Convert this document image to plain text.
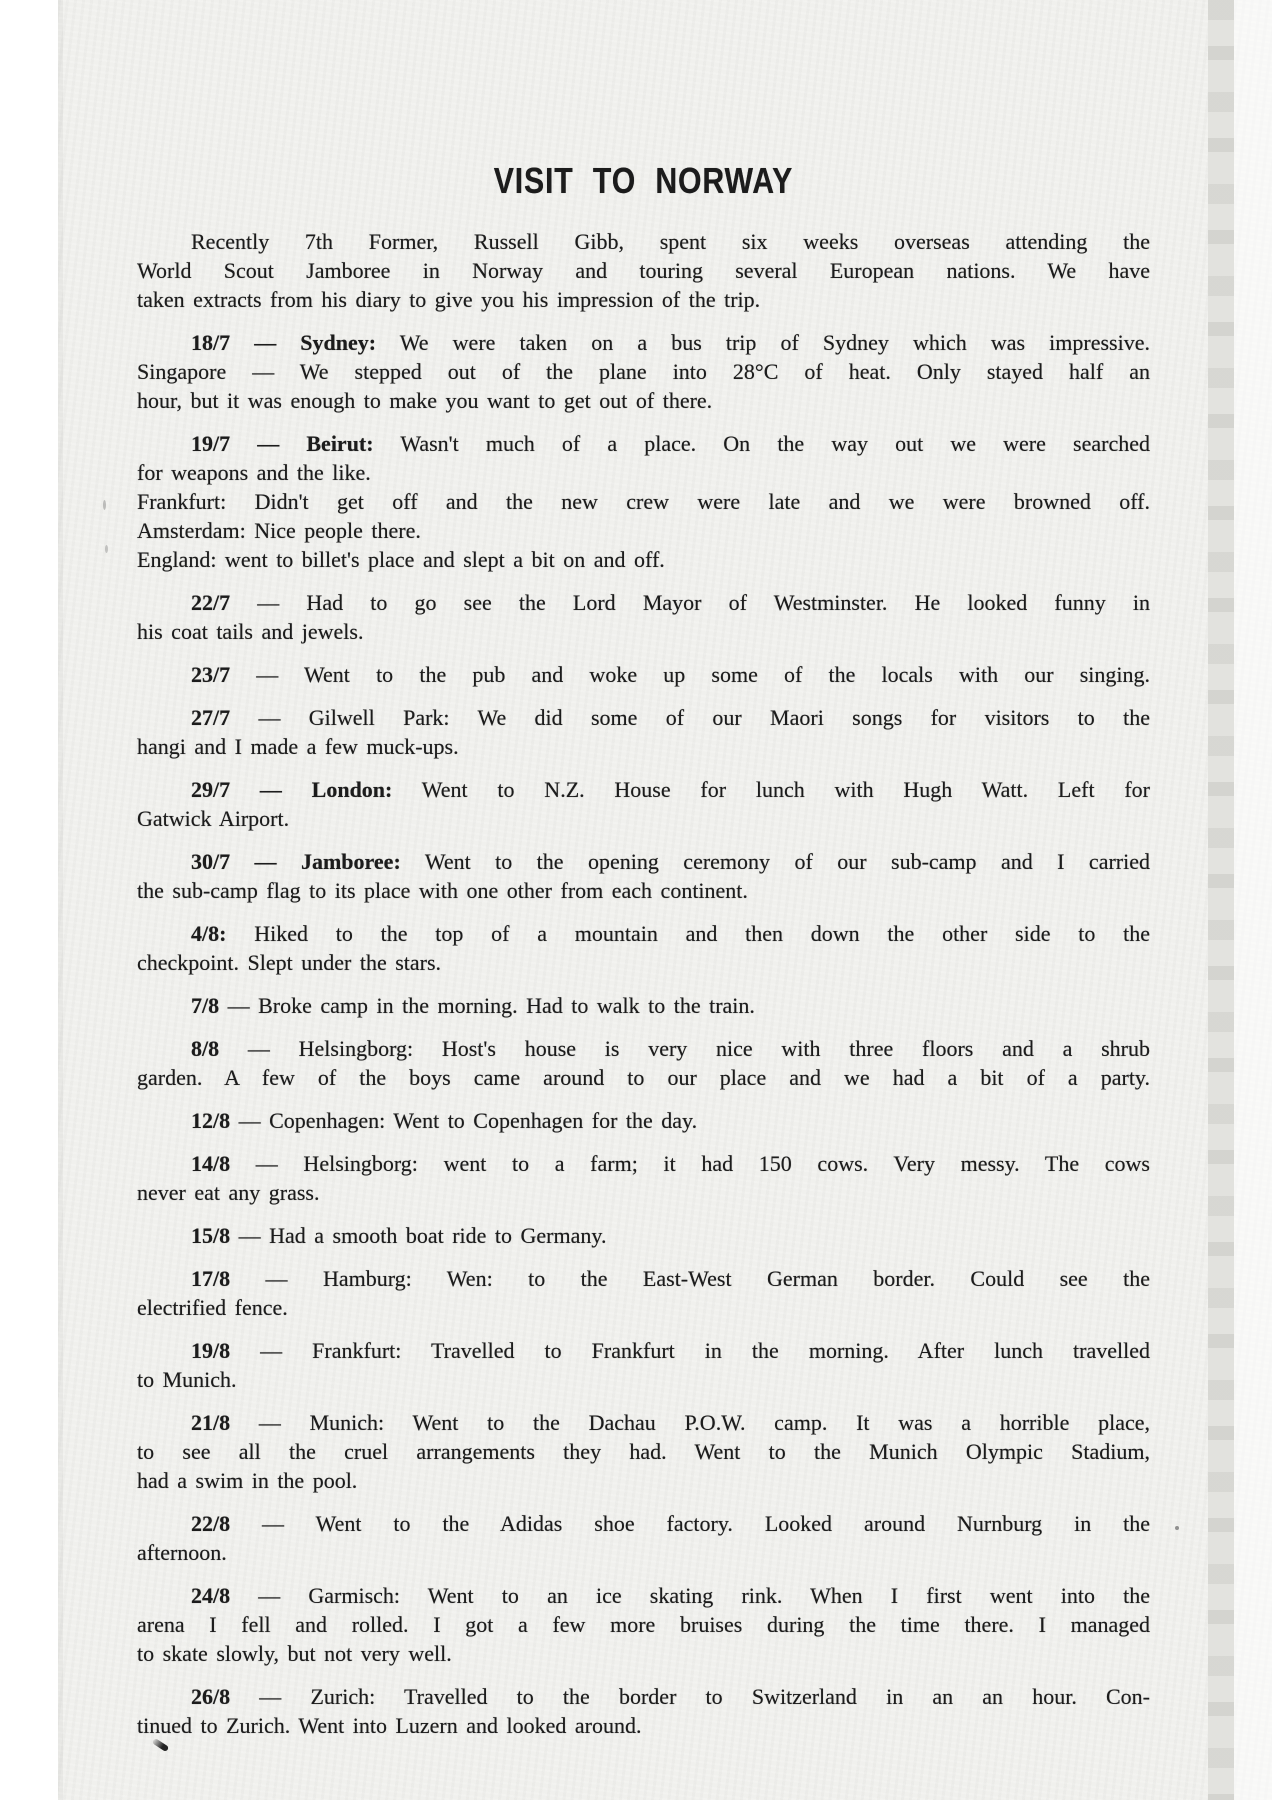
VISIT TO NORWAY
Recently 7th Former, Russell Gibb, spent six weeks overseas attending the
World Scout Jamboree in Norway and touring several European nations. We have
taken extracts from his diary to give you his impression of the trip.
18/7 — Sydney: We were taken on a bus trip of Sydney which was impressive.
Singapore — We stepped out of the plane into 28°C of heat. Only stayed half an
hour, but it was enough to make you want to get out of there.
19/7 — Beirut: Wasn't much of a place. On the way out we were searched
for weapons and the like.
Frankfurt: Didn't get off and the new crew were late and we were browned off.
Amsterdam: Nice people there.
England: went to billet's place and slept a bit on and off.
22/7 — Had to go see the Lord Mayor of Westminster. He looked funny in
his coat tails and jewels.
23/7 — Went to the pub and woke up some of the locals with our singing.
27/7 — Gilwell Park: We did some of our Maori songs for visitors to the
hangi and I made a few muck-ups.
29/7 — London: Went to N.Z. House for lunch with Hugh Watt. Left for
Gatwick Airport.
30/7 — Jamboree: Went to the opening ceremony of our sub-camp and I carried
the sub-camp flag to its place with one other from each continent.
4/8: Hiked to the top of a mountain and then down the other side to the
checkpoint. Slept under the stars.
7/8 — Broke camp in the morning. Had to walk to the train.
8/8 — Helsingborg: Host's house is very nice with three floors and a shrub
garden. A few of the boys came around to our place and we had a bit of a party.
12/8 — Copenhagen: Went to Copenhagen for the day.
14/8 — Helsingborg: went to a farm; it had 150 cows. Very messy. The cows
never eat any grass.
15/8 — Had a smooth boat ride to Germany.
17/8 — Hamburg: Wen: to the East-West German border. Could see the
electrified fence.
19/8 — Frankfurt: Travelled to Frankfurt in the morning. After lunch travelled
to Munich.
21/8 — Munich: Went to the Dachau P.O.W. camp. It was a horrible place,
to see all the cruel arrangements they had. Went to the Munich Olympic Stadium,
had a swim in the pool.
22/8 — Went to the Adidas shoe factory. Looked around Nurnburg in the
afternoon.
24/8 — Garmisch: Went to an ice skating rink. When I first went into the
arena I fell and rolled. I got a few more bruises during the time there. I managed
to skate slowly, but not very well.
26/8 — Zurich: Travelled to the border to Switzerland in an an hour. Con-
tinued to Zurich. Went into Luzern and looked around.
